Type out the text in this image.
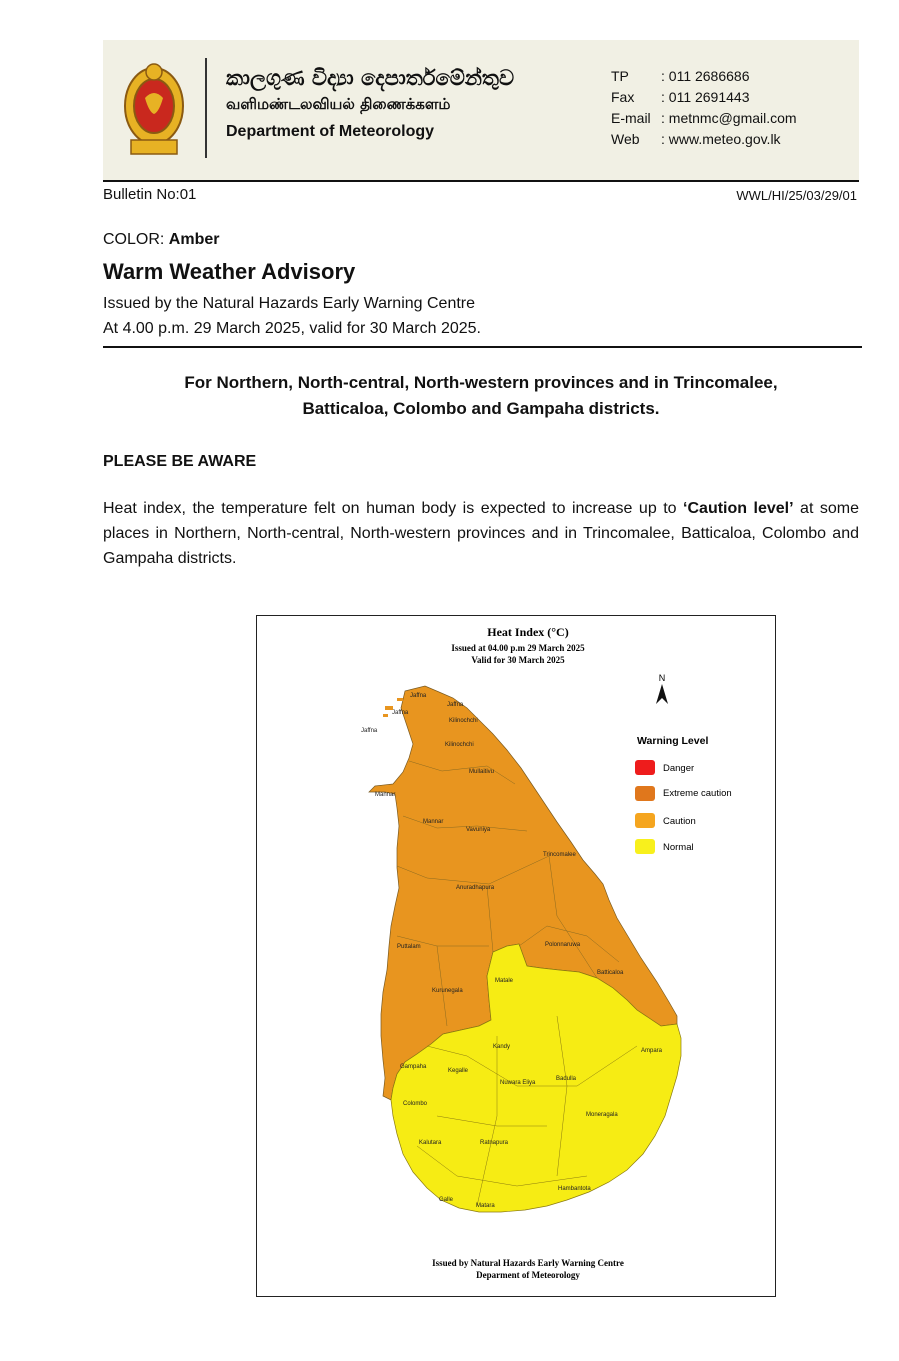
කාලගුණ විද්‍යා දෙපාර්තමේන්තුව
வளிமண்டலவியல் திணைக்களம்
Department of Meteorology
TP	: 011 2686686
Fax	: 011 2691443
E-mail : metnmc@gmail.com
Web	: www.meteo.gov.lk
Bulletin No:01	WWL/HI/25/03/29/01
COLOR: Amber
Warm Weather Advisory
Issued by the Natural Hazards Early Warning Centre
At 4.00 p.m. 29 March 2025, valid for 30 March 2025.
For Northern, North-central, North-western provinces and in Trincomalee,
Batticaloa, Colombo and Gampaha districts.
PLEASE BE AWARE
Heat index, the temperature felt on human body is expected to increase up to ‘Caution level’ at some places in Northern, North-central, North-western provinces and in Trincomalee, Batticaloa, Colombo and Gampaha districts.
Heat Index (°C)
Issued at 04.00 p.m 29 March 2025
Valid for 30 March 2025
N
Warning Level
Danger
Extreme caution
Caution
Normal
Jaffna
Jaffna
Jaffna
Jaffna
Kilinochchi
Kilinochchi
Mullaitivu
Mannar
Mannar
Vavuniya
Trincomalee
Anuradhapura
Puttalam	Polonnaruwa
Batticaloa
Kurunegala
Matale
Kandy
Ampara
Gampaha
Kegalle
Nuwara Eliya
Badulla
Colombo
Moneragala
Kalutara	Ratnapura
Hambantota
Galle
Matara
Issued by Natural Hazards Early Warning Centre
Deparment of Meteorology
